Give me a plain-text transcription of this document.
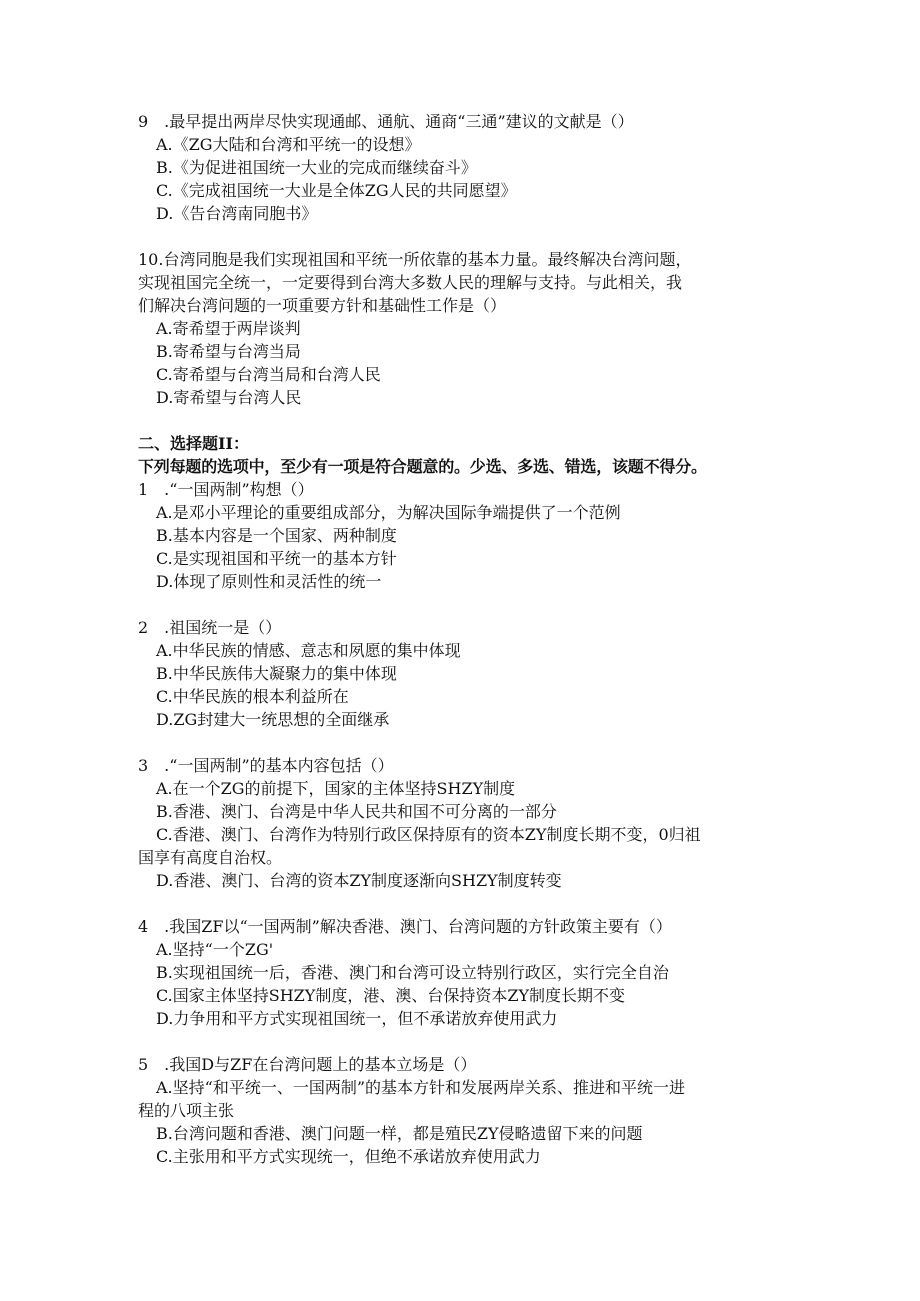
9　.最早提出两岸尽快实现通邮、通航、通商“三通”建议的文献是（）
A.《ZG大陆和台湾和平统一的设想》
B.《为促进祖国统一大业的完成而继续奋斗》
C.《完成祖国统一大业是全体ZG人民的共同愿望》
D.《告台湾南同胞书》
10.台湾同胞是我们实现祖国和平统一所依靠的基本力量。最终解决台湾问题，
实现祖国完全统一，一定要得到台湾大多数人民的理解与支持。与此相关，我
们解决台湾问题的一项重要方针和基础性工作是（）
A.寄希望于两岸谈判
B.寄希望与台湾当局
C.寄希望与台湾当局和台湾人民
D.寄希望与台湾人民
二、选择题II：
下列每题的选项中，至少有一项是符合题意的。少选、多选、错选，该题不得分。
1　.“一国两制”构想（）
A.是邓小平理论的重要组成部分，为解决国际争端提供了一个范例
B.基本内容是一个国家、两种制度
C.是实现祖国和平统一的基本方针
D.体现了原则性和灵活性的统一
2　.祖国统一是（）
A.中华民族的情感、意志和夙愿的集中体现
B.中华民族伟大凝聚力的集中体现
C.中华民族的根本利益所在
D.ZG封建大一统思想的全面继承
3　.“一国两制”的基本内容包括（）
A.在一个ZG的前提下，国家的主体坚持SHZY制度
B.香港、澳门、台湾是中华人民共和国不可分离的一部分
C.香港、澳门、台湾作为特别行政区保持原有的资本ZY制度长期不变，0归祖
国享有高度自治权。
D.香港、澳门、台湾的资本ZY制度逐渐向SHZY制度转变
4　.我国ZF以“一国两制”解决香港、澳门、台湾问题的方针政策主要有（）
A.坚持“一个ZG'
B.实现祖国统一后，香港、澳门和台湾可设立特别行政区，实行完全自治
C.国家主体坚持SHZY制度，港、澳、台保持资本ZY制度长期不变
D.力争用和平方式实现祖国统一，但不承诺放弃使用武力
5　.我国D与ZF在台湾问题上的基本立场是（）
A.坚持“和平统一、一国两制”的基本方针和发展两岸关系、推进和平统一进
程的八项主张
B.台湾问题和香港、澳门问题一样，都是殖民ZY侵略遗留下来的问题
C.主张用和平方式实现统一，但绝不承诺放弃使用武力
